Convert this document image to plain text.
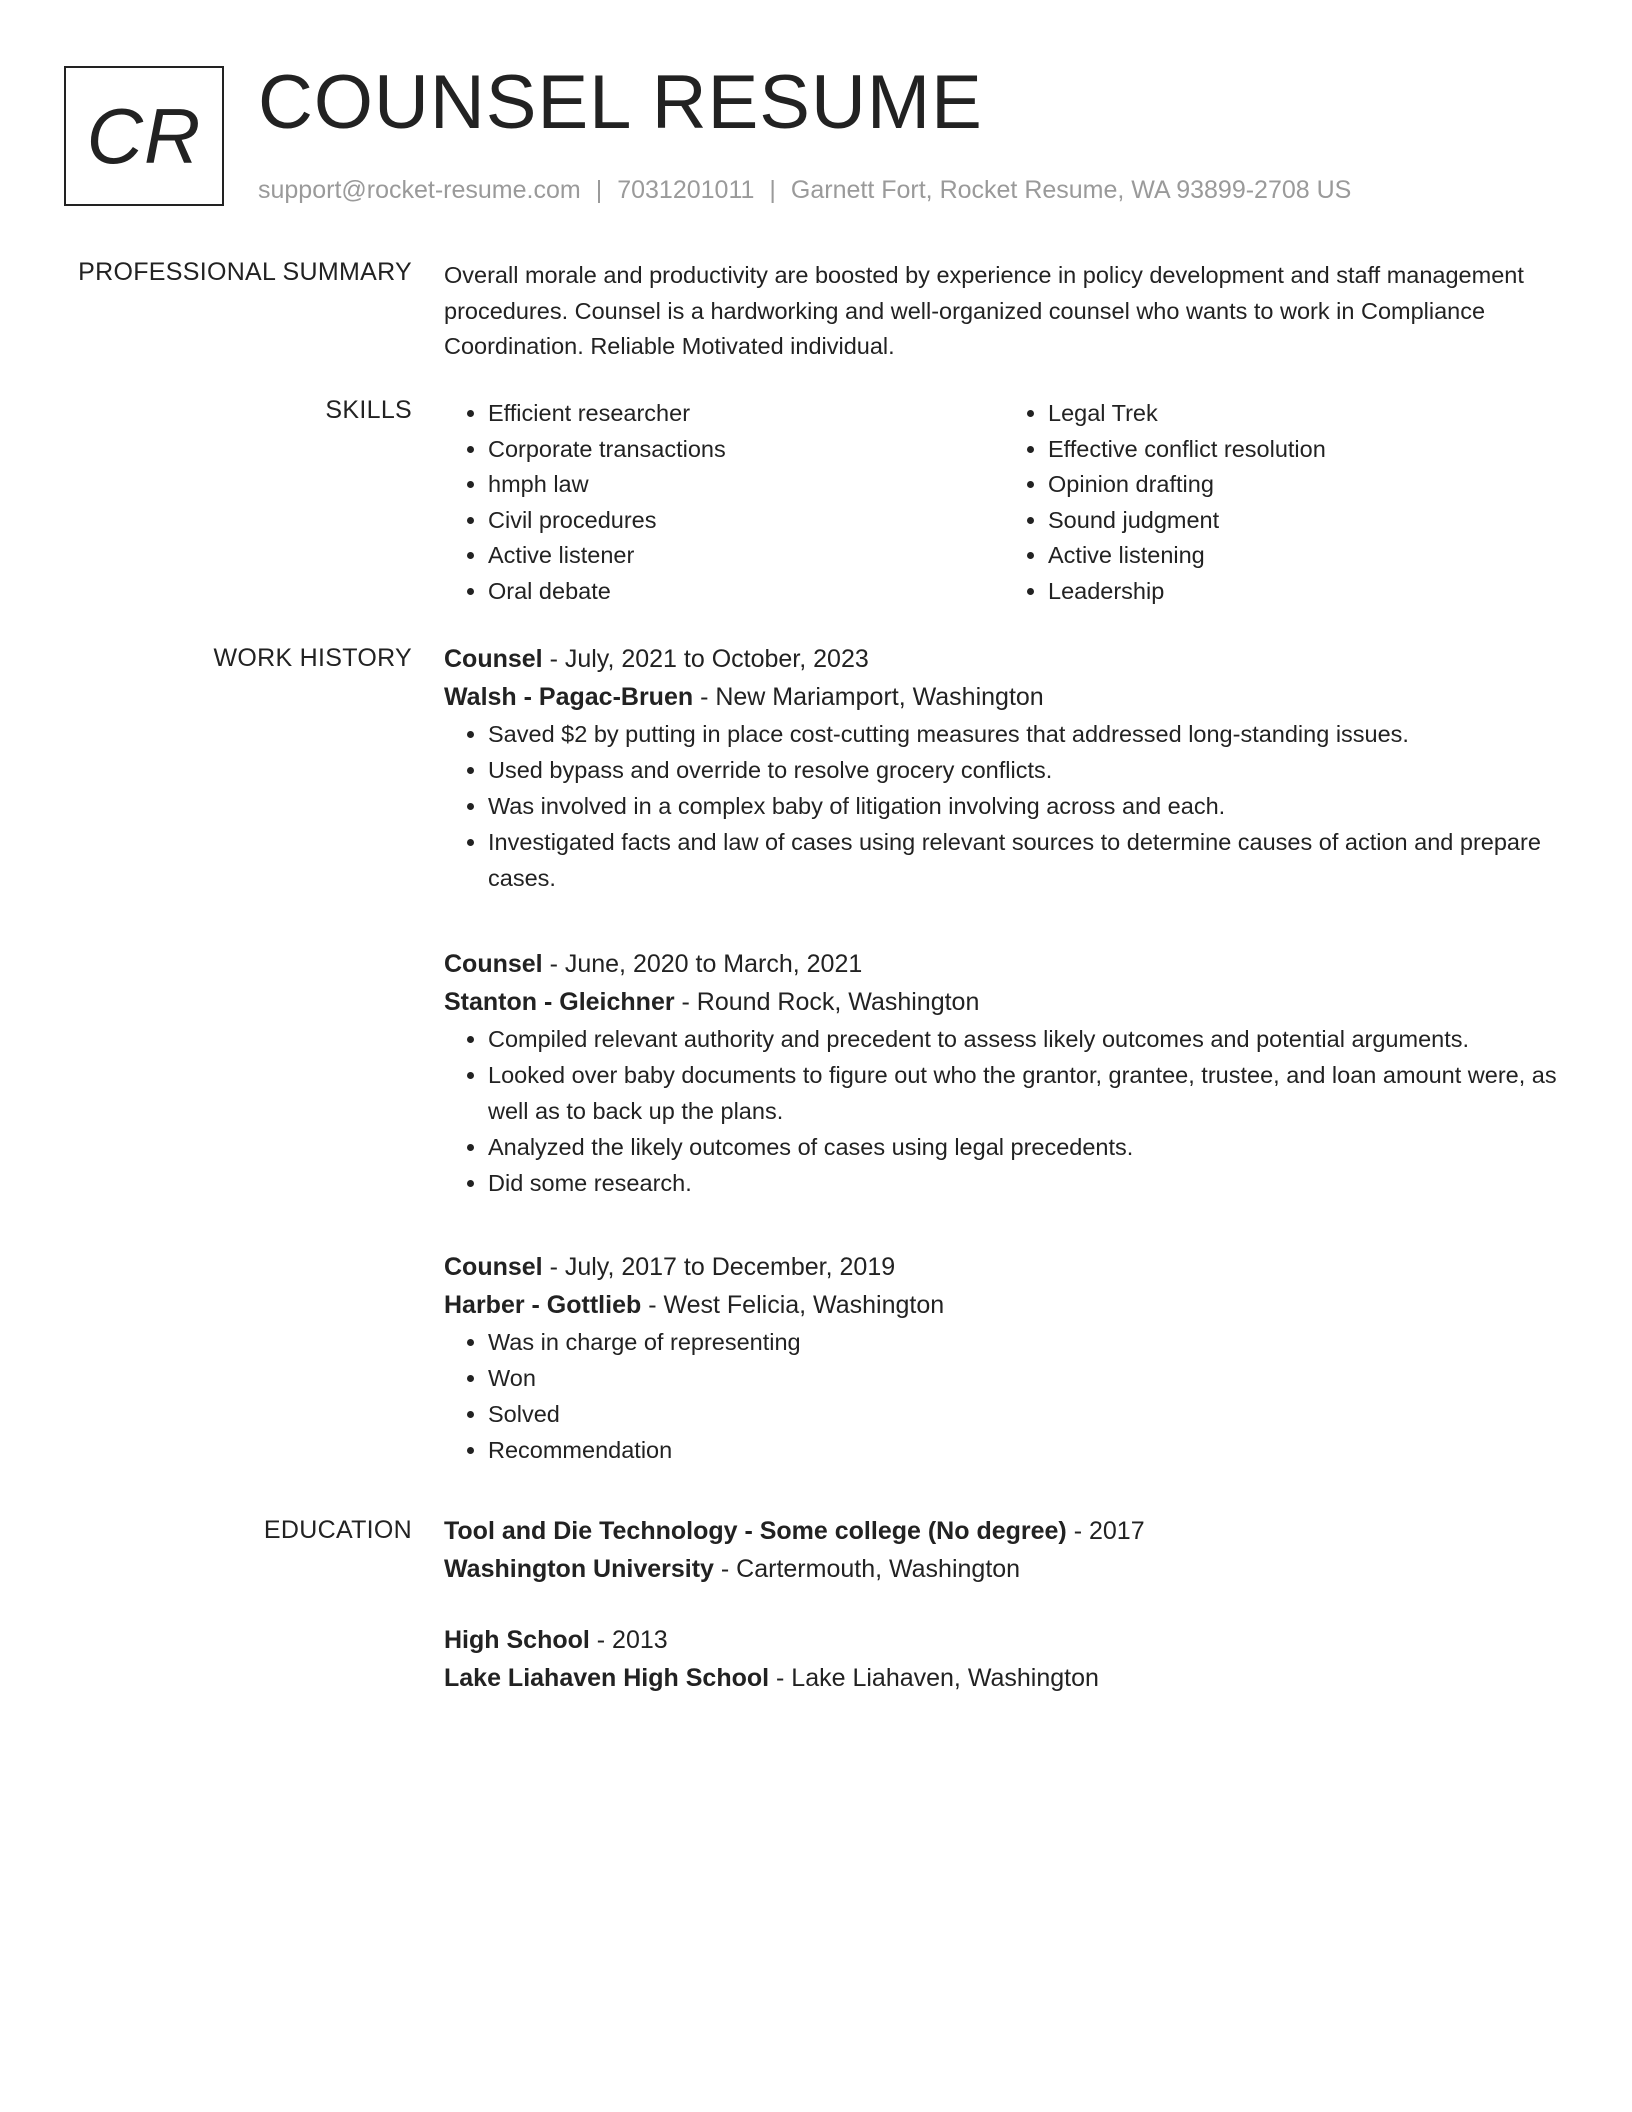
CR COUNSEL RESUME
support@rocket-resume.com | 7031201011 | Garnett Fort, Rocket Resume, WA 93899-2708 US
PROFESSIONAL SUMMARY Overall morale and productivity are boosted by experience in policy development and staff management procedures. Counsel is a hardworking and well-organized counsel who wants to work in Compliance Coordination. Reliable Motivated individual.
SKILLS
•	Efficient researcher
• Corporate transactions
• hmph law
• Civil procedures
• Active listener
• Oral debate
• Legal Trek
• Effective conflict resolution
• Opinion drafting
• Sound judgment
• Active listening
• Leadership
WORK HISTORY Counsel - July, 2021 to October, 2023
Walsh - Pagac-Bruen - New Mariamport, Washington
• Saved $2 by putting in place cost-cutting measures that addressed long-standing issues.
• Used bypass and override to resolve grocery conflicts.
• Was involved in a complex baby of litigation involving across and each.
• Investigated facts and law of cases using relevant sources to determine causes of action and prepare cases.
Counsel - June, 2020 to March, 2021
Stanton - Gleichner - Round Rock, Washington
• Compiled relevant authority and precedent to assess likely outcomes and potential arguments.
• Looked over baby documents to figure out who the grantor, grantee, trustee, and loan amount were, as well as to back up the plans.
• Analyzed the likely outcomes of cases using legal precedents.
• Did some research.
Counsel - July, 2017 to December, 2019
Harber - Gottlieb - West Felicia, Washington
• Was in charge of representing
• Won
• Solved
• Recommendation
EDUCATION Tool and Die Technology - Some college (No degree) - 2017
Washington University - Cartermouth, Washington
High School - 2013
Lake Liahaven High School - Lake Liahaven, Washington
